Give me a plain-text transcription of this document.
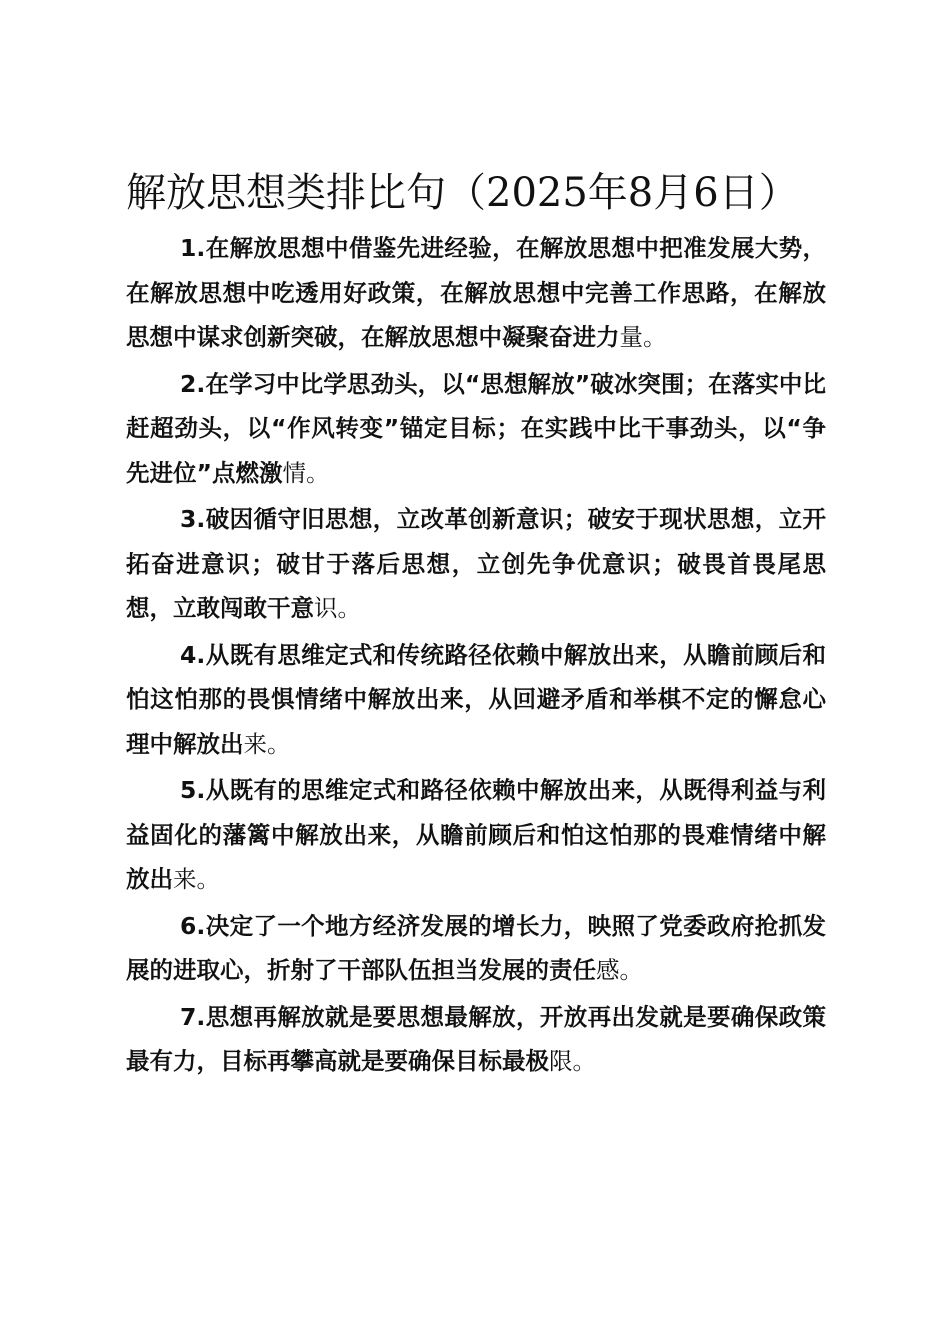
解放思想类排比句（2025年8月6日）

1.在解放思想中借鉴先进经验，在解放思想中把准发展大势，在解放思想中吃透用好政策，在解放思想中完善工作思路，在解放思想中谋求创新突破，在解放思想中凝聚奋进力量。

2.在学习中比学思劲头，以“思想解放”破冰突围；在落实中比赶超劲头，以“作风转变”锚定目标；在实践中比干事劲头，以“争先进位”点燃激情。

3.破因循守旧思想，立改革创新意识；破安于现状思想，立开拓奋进意识；破甘于落后思想，立创先争优意识；破畏首畏尾思想，立敢闯敢干意识。

4.从既有思维定式和传统路径依赖中解放出来，从瞻前顾后和怕这怕那的畏惧情绪中解放出来，从回避矛盾和举棋不定的懈怠心理中解放出来。

5.从既有的思维定式和路径依赖中解放出来，从既得利益与利益固化的藩篱中解放出来，从瞻前顾后和怕这怕那的畏难情绪中解放出来。

6.决定了一个地方经济发展的增长力，映照了党委政府抢抓发展的进取心，折射了干部队伍担当发展的责任感。

7.思想再解放就是要思想最解放，开放再出发就是要确保政策最有力，目标再攀高就是要确保目标最极限。
